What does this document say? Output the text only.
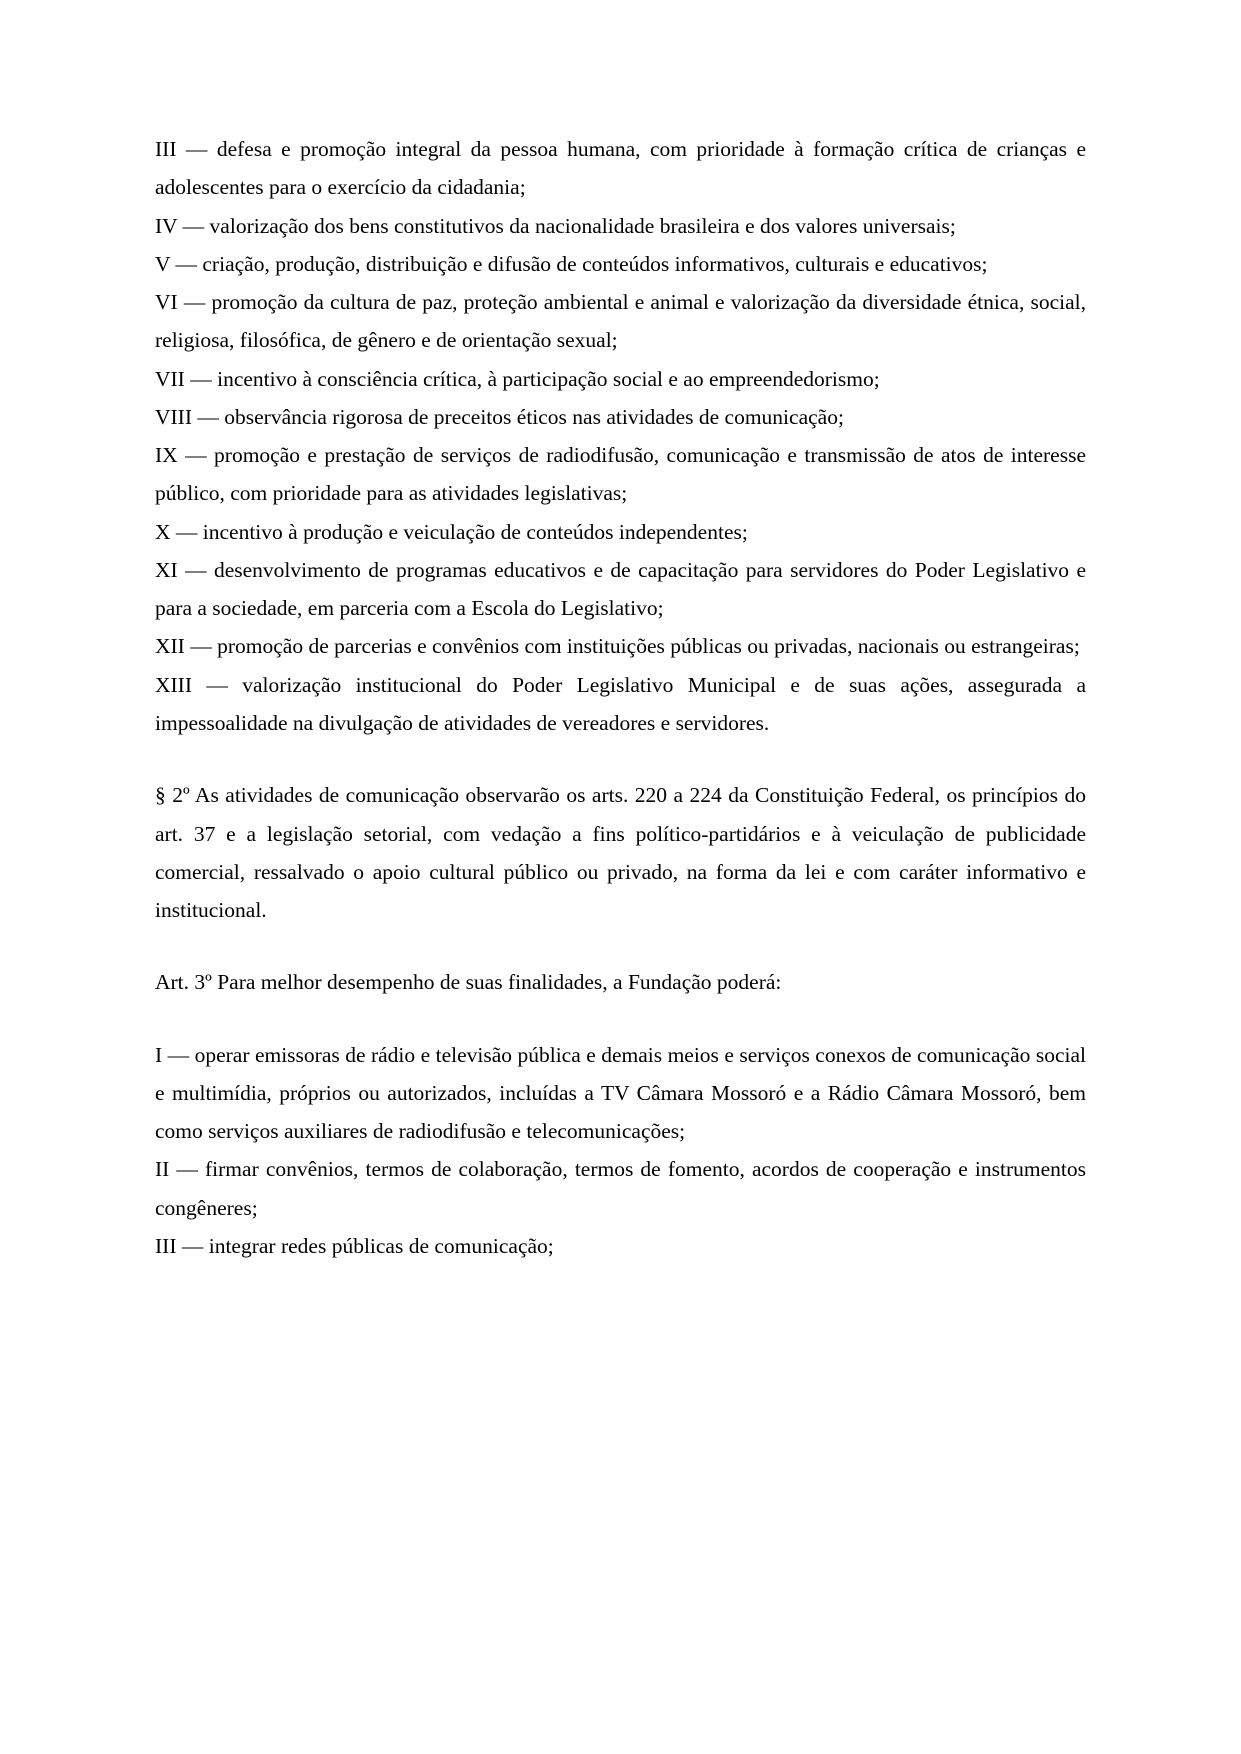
III — defesa e promoção integral da pessoa humana, com prioridade à formação crítica de crianças e adolescentes para o exercício da cidadania;

IV — valorização dos bens constitutivos da nacionalidade brasileira e dos valores universais;

V — criação, produção, distribuição e difusão de conteúdos informativos, culturais e educativos;

VI — promoção da cultura de paz, proteção ambiental e animal e valorização da diversidade étnica, social, religiosa, filosófica, de gênero e de orientação sexual;

VII — incentivo à consciência crítica, à participação social e ao empreendedorismo;

VIII — observância rigorosa de preceitos éticos nas atividades de comunicação;

IX — promoção e prestação de serviços de radiodifusão, comunicação e transmissão de atos de interesse público, com prioridade para as atividades legislativas;

X — incentivo à produção e veiculação de conteúdos independentes;

XI — desenvolvimento de programas educativos e de capacitação para servidores do Poder Legislativo e para a sociedade, em parceria com a Escola do Legislativo;

XII — promoção de parcerias e convênios com instituições públicas ou privadas, nacionais ou estrangeiras;

XIII — valorização institucional do Poder Legislativo Municipal e de suas ações, assegurada a impessoalidade na divulgação de atividades de vereadores e servidores.

§ 2º As atividades de comunicação observarão os arts. 220 a 224 da Constituição Federal, os princípios do art. 37 e a legislação setorial, com vedação a fins político-partidários e à veiculação de publicidade comercial, ressalvado o apoio cultural público ou privado, na forma da lei e com caráter informativo e institucional.

Art. 3º Para melhor desempenho de suas finalidades, a Fundação poderá:

I — operar emissoras de rádio e televisão pública e demais meios e serviços conexos de comunicação social e multimídia, próprios ou autorizados, incluídas a TV Câmara Mossoró e a Rádio Câmara Mossoró, bem como serviços auxiliares de radiodifusão e telecomunicações;

II — firmar convênios, termos de colaboração, termos de fomento, acordos de cooperação e instrumentos congêneres;

III — integrar redes públicas de comunicação;
